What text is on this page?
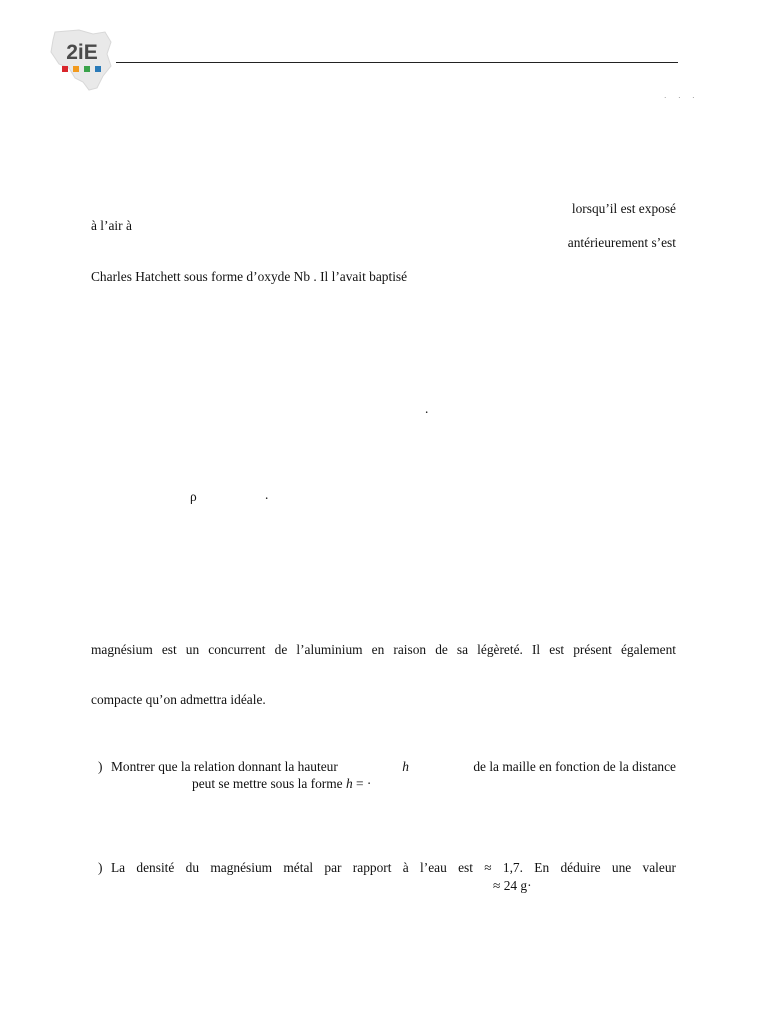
2iE
· · ·
lorsqu’il est exposé
à l’air à
antérieurement s’est
Charles Hatchett sous forme d’oxyde Nb . Il l’avait baptisé
.
ρ	.
magnésium est un concurrent de l’aluminium en raison de sa légèreté. Il est présent également
compacte qu’on admettra idéale.
) Montrer que la relation donnant la hauteur	h	de la maille en fonction de la distance
peut se mettre sous la forme h = ·
) La densité du magnésium métal par rapport à l’eau est ≈ 1,7. En déduire une valeur
≈ 24 g·
